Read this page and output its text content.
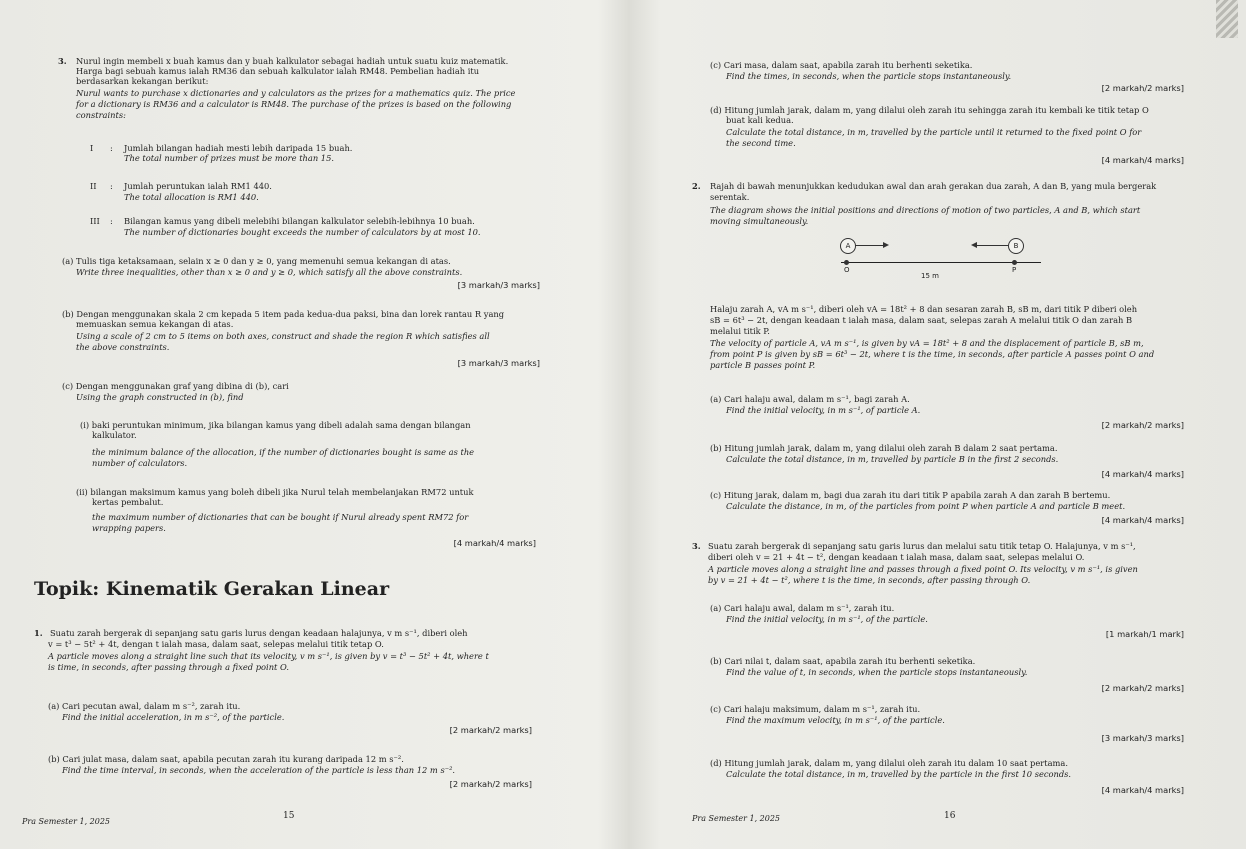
3. Nurul ingin membeli x buah kamus dan y buah kalkulator sebagai hadiah untuk suatu kuiz matematik.
Harga bagi sebuah kamus ialah RM36 dan sebuah kalkulator ialah RM48. Pembelian hadiah itu
berdasarkan kekangan berikut:
Nurul wants to purchase x dictionaries and y calculators as the prizes for a mathematics quiz. The price
for a dictionary is RM36 and a calculator is RM48. The purchase of the prizes is based on the following
constraints:
I : Jumlah bilangan hadiah mesti lebih daripada 15 buah.
The total number of prizes must be more than 15.
II : Jumlah peruntukan ialah RM1 440.
The total allocation is RM1 440.
III : Bilangan kamus yang dibeli melebihi bilangan kalkulator selebih-lebihnya 10 buah.
The number of dictionaries bought exceeds the number of calculators by at most 10.
(a) Tulis tiga ketaksamaan, selain x ≥ 0 dan y ≥ 0, yang memenuhi semua kekangan di atas.
Write three inequalities, other than x ≥ 0 and y ≥ 0, which satisfy all the above constraints.
[3 markah/3 marks]
(b) Dengan menggunakan skala 2 cm kepada 5 item pada kedua-dua paksi, bina dan lorek rantau R yang
memuaskan semua kekangan di atas.
Using a scale of 2 cm to 5 items on both axes, construct and shade the region R which satisfies all
the above constraints.
[3 markah/3 marks]
(c) Dengan menggunakan graf yang dibina di (b), cari
Using the graph constructed in (b), find
(i) baki peruntukan minimum, jika bilangan kamus yang dibeli adalah sama dengan bilangan
kalkulator.
the minimum balance of the allocation, if the number of dictionaries bought is same as the
number of calculators.
(ii) bilangan maksimum kamus yang boleh dibeli jika Nurul telah membelanjakan RM72 untuk
kertas pembalut.
the maximum number of dictionaries that can be bought if Nurul already spent RM72 for
wrapping papers.
[4 markah/4 marks]
Topik: Kinematik Gerakan Linear
1. Suatu zarah bergerak di sepanjang satu garis lurus dengan keadaan halajunya, v m s⁻¹, diberi oleh
v = t³ − 5t² + 4t, dengan t ialah masa, dalam saat, selepas melalui titik tetap O.
A particle moves along a straight line such that its velocity, v m s⁻¹, is given by v = t³ − 5t² + 4t, where t
is time, in seconds, after passing through a fixed point O.
(a) Cari pecutan awal, dalam m s⁻², zarah itu.
Find the initial acceleration, in m s⁻², of the particle.
[2 markah/2 marks]
(b) Cari julat masa, dalam saat, apabila pecutan zarah itu kurang daripada 12 m s⁻².
Find the time interval, in seconds, when the acceleration of the particle is less than 12 m s⁻².
[2 markah/2 marks]
Pra Semester 1, 2025
15
(c) Cari masa, dalam saat, apabila zarah itu berhenti seketika.
Find the times, in seconds, when the particle stops instantaneously.
[2 markah/2 marks]
(d) Hitung jumlah jarak, dalam m, yang dilalui oleh zarah itu sehingga zarah itu kembali ke titik tetap O
buat kali kedua.
Calculate the total distance, in m, travelled by the particle until it returned to the fixed point O for
the second time.
[4 markah/4 marks]
2. Rajah di bawah menunjukkan kedudukan awal dan arah gerakan dua zarah, A dan B, yang mula bergerak
serentak.
The diagram shows the initial positions and directions of motion of two particles, A and B, which start
moving simultaneously.
A	B
O	P
15 m
Halaju zarah A, vA m s⁻¹, diberi oleh vA = 18t² + 8 dan sesaran zarah B, sB m, dari titik P diberi oleh
sB = 6t³ − 2t, dengan keadaan t ialah masa, dalam saat, selepas zarah A melalui titik O dan zarah B
melalui titik P.
The velocity of particle A, vA m s⁻¹, is given by vA = 18t² + 8 and the displacement of particle B, sB m,
from point P is given by sB = 6t³ − 2t, where t is the time, in seconds, after particle A passes point O and
particle B passes point P.
(a) Cari halaju awal, dalam m s⁻¹, bagi zarah A.
Find the initial velocity, in m s⁻¹, of particle A.
[2 markah/2 marks]
(b) Hitung jumlah jarak, dalam m, yang dilalui oleh zarah B dalam 2 saat pertama.
Calculate the total distance, in m, travelled by particle B in the first 2 seconds.
[4 markah/4 marks]
(c) Hitung jarak, dalam m, bagi dua zarah itu dari titik P apabila zarah A dan zarah B bertemu.
Calculate the distance, in m, of the particles from point P when particle A and particle B meet.
[4 markah/4 marks]
3. Suatu zarah bergerak di sepanjang satu garis lurus dan melalui satu titik tetap O. Halajunya, v m s⁻¹,
diberi oleh v = 21 + 4t − t², dengan keadaan t ialah masa, dalam saat, selepas melalui O.
A particle moves along a straight line and passes through a fixed point O. Its velocity, v m s⁻¹, is given
by v = 21 + 4t − t², where t is the time, in seconds, after passing through O.
(a) Cari halaju awal, dalam m s⁻¹, zarah itu.
Find the initial velocity, in m s⁻¹, of the particle.
[1 markah/1 mark]
(b) Cari nilai t, dalam saat, apabila zarah itu berhenti seketika.
Find the value of t, in seconds, when the particle stops instantaneously.
[2 markah/2 marks]
(c) Cari halaju maksimum, dalam m s⁻¹, zarah itu.
Find the maximum velocity, in m s⁻¹, of the particle.
[3 markah/3 marks]
(d) Hitung jumlah jarak, dalam m, yang dilalui oleh zarah itu dalam 10 saat pertama.
Calculate the total distance, in m, travelled by the particle in the first 10 seconds.
[4 markah/4 marks]
Pra Semester 1, 2025	16
